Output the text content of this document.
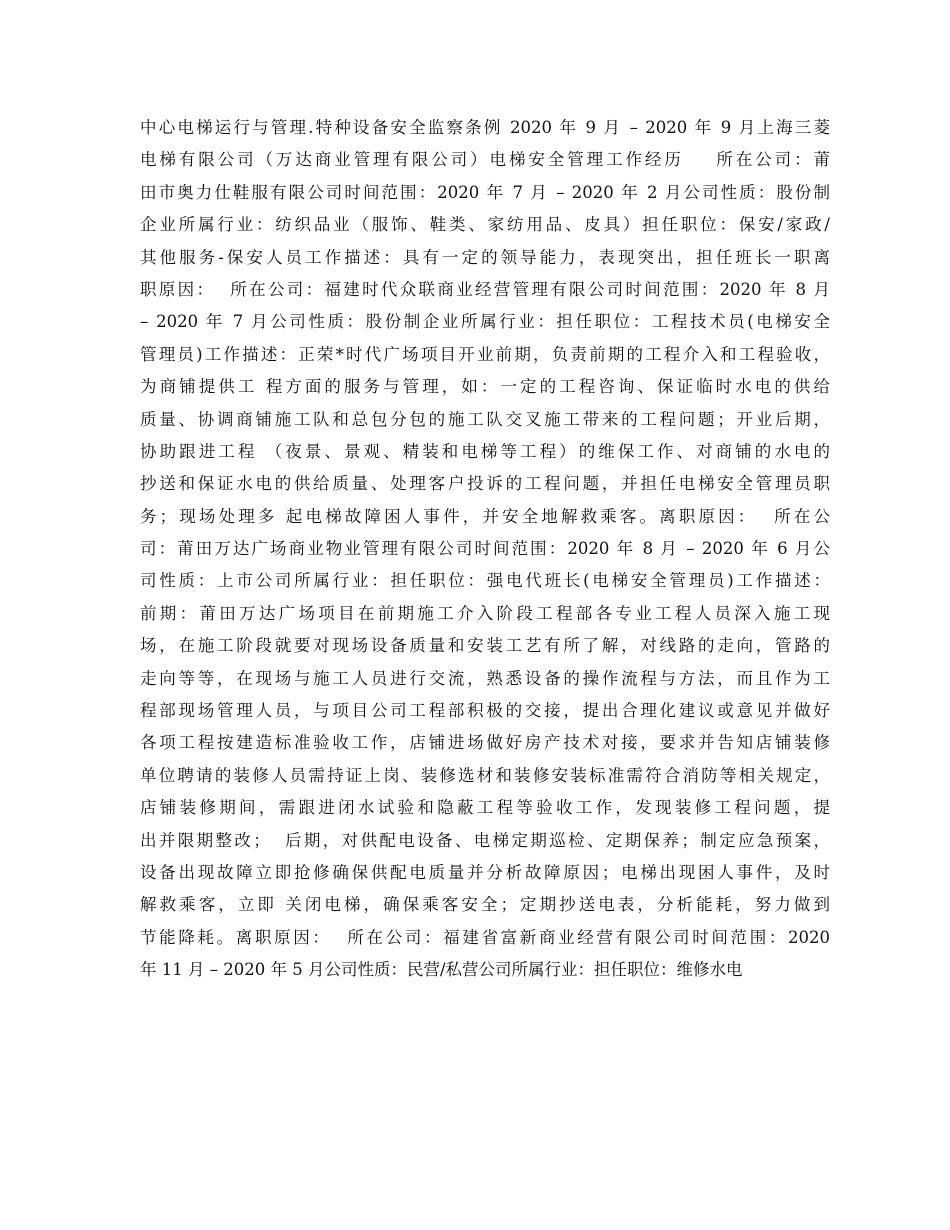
中心电梯运行与管理.特种设备安全监察条例 2020 年 9 月 – 2020 年 9 月上海三菱
电梯有限公司（万达商业管理有限公司）电梯安全管理工作经历    所在公司：莆
田市奥力仕鞋服有限公司时间范围：2020 年 7 月 – 2020 年 2 月公司性质：股份制
企业所属行业：纺织品业（服饰、鞋类、家纺用品、皮具）担任职位：保安/家政/
其他服务-保安人员工作描述：具有一定的领导能力，表现突出，担任班长一职离
职原因：  所在公司：福建时代众联商业经营管理有限公司时间范围：2020 年 8 月
– 2020 年 7 月公司性质：股份制企业所属行业：担任职位：工程技术员(电梯安全
管理员)工作描述：正荣*时代广场项目开业前期，负责前期的工程介入和工程验收，
为商铺提供工 程方面的服务与管理，如：一定的工程咨询、保证临时水电的供给
质量、协调商铺施工队和总包分包的施工队交叉施工带来的工程问题；开业后期，
协助跟进工程 （夜景、景观、精装和电梯等工程）的维保工作、对商铺的水电的
抄送和保证水电的供给质量、处理客户投诉的工程问题，并担任电梯安全管理员职
务；现场处理多 起电梯故障困人事件，并安全地解救乘客。离职原因：  所在公
司：莆田万达广场商业物业管理有限公司时间范围：2020 年 8 月 – 2020 年 6 月公
司性质：上市公司所属行业：担任职位：强电代班长(电梯安全管理员)工作描述：
前期：莆田万达广场项目在前期施工介入阶段工程部各专业工程人员深入施工现
场，在施工阶段就要对现场设备质量和安装工艺有所了解，对线路的走向，管路的
走向等等，在现场与施工人员进行交流，熟悉设备的操作流程与方法，而且作为工
程部现场管理人员，与项目公司工程部积极的交接，提出合理化建议或意见并做好
各项工程按建造标准验收工作，店铺进场做好房产技术对接，要求并告知店铺装修
单位聘请的装修人员需持证上岗、装修选材和装修安装标准需符合消防等相关规定，
店铺装修期间，需跟进闭水试验和隐蔽工程等验收工作，发现装修工程问题，提
出并限期整改；  后期，对供配电设备、电梯定期巡检、定期保养；制定应急预案，
设备出现故障立即抢修确保供配电质量并分析故障原因；电梯出现困人事件，及时
解救乘客，立即 关闭电梯，确保乘客安全；定期抄送电表，分析能耗，努力做到
节能降耗。离职原因：  所在公司：福建省富新商业经营有限公司时间范围：2020
年 11 月 – 2020 年 5 月公司性质：民营/私营公司所属行业：担任职位：维修水电
